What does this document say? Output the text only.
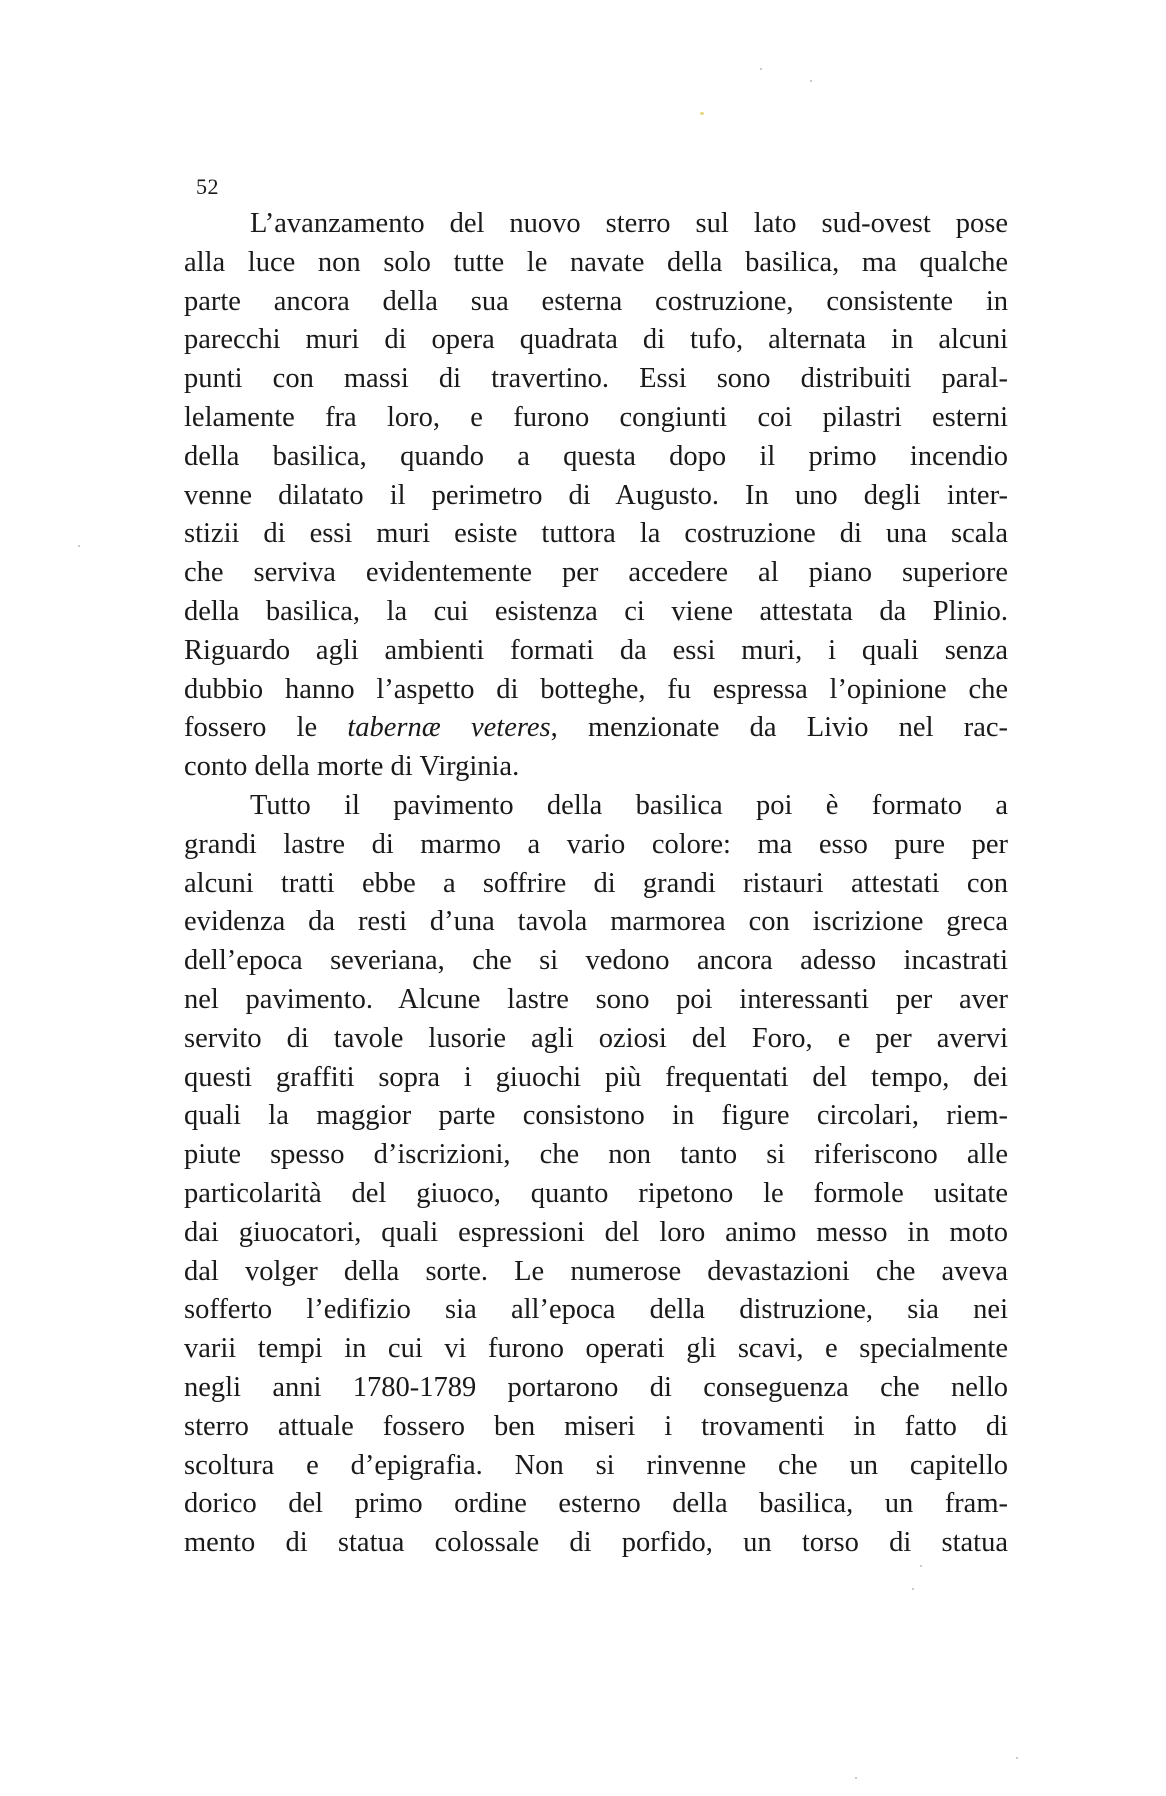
52
L’avanzamento del nuovo sterro sul lato sud-ovest pose
alla luce non solo tutte le navate della basilica, ma qualche
parte ancora della sua esterna costruzione, consistente in
parecchi muri di opera quadrata di tufo, alternata in alcuni
punti con massi di travertino. Essi sono distribuiti paral-
lelamente fra loro, e furono congiunti coi pilastri esterni
della basilica, quando a questa dopo il primo incendio
venne dilatato il perimetro di Augusto. In uno degli inter-
stizii di essi muri esiste tuttora la costruzione di una scala
che serviva evidentemente per accedere al piano superiore
della basilica, la cui esistenza ci viene attestata da Plinio.
Riguardo agli ambienti formati da essi muri, i quali senza
dubbio hanno l’aspetto di botteghe, fu espressa l’opinione che
fossero le tabernæ veteres, menzionate da Livio nel rac-
conto della morte di Virginia.
Tutto il pavimento della basilica poi è formato a
grandi lastre di marmo a vario colore: ma esso pure per
alcuni tratti ebbe a soffrire di grandi ristauri attestati con
evidenza da resti d’una tavola marmorea con iscrizione greca
dell’epoca severiana, che si vedono ancora adesso incastrati
nel pavimento. Alcune lastre sono poi interessanti per aver
servito di tavole lusorie agli oziosi del Foro, e per avervi
questi graffiti sopra i giuochi più frequentati del tempo, dei
quali la maggior parte consistono in figure circolari, riem-
piute spesso d’iscrizioni, che non tanto si riferiscono alle
particolarità del giuoco, quanto ripetono le formole usitate
dai giuocatori, quali espressioni del loro animo messo in moto
dal volger della sorte. Le numerose devastazioni che aveva
sofferto l’edifizio sia all’epoca della distruzione, sia nei
varii tempi in cui vi furono operati gli scavi, e specialmente
negli anni 1780-1789 portarono di conseguenza che nello
sterro attuale fossero ben miseri i trovamenti in fatto di
scoltura e d’epigrafia. Non si rinvenne che un capitello
dorico del primo ordine esterno della basilica, un fram-
mento di statua colossale di porfido, un torso di statua
